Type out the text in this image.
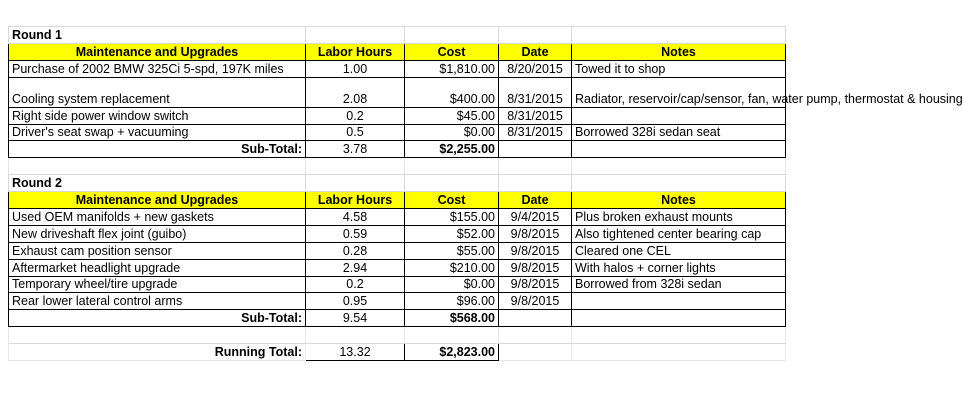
Round 1				
Maintenance and Upgrades	Labor Hours	Cost	Date	Notes
Purchase of 2002 BMW 325Ci 5-spd, 197K miles	1.00	$1,810.00	8/20/2015	Towed it to shop
Cooling system replacement	2.08	$400.00	8/31/2015	Radiator, reservoir/cap/sensor, fan, water pump, thermostat & housing
Right side power window switch	0.2	$45.00	8/31/2015	
Driver's seat swap + vacuuming	0.5	$0.00	8/31/2015	Borrowed 328i sedan seat
Sub-Total:	3.78	$2,255.00		

Round 2				
Maintenance and Upgrades	Labor Hours	Cost	Date	Notes
Used OEM manifolds + new gaskets	4.58	$155.00	9/4/2015	Plus broken exhaust mounts
New driveshaft flex joint (guibo)	0.59	$52.00	9/8/2015	Also tightened center bearing cap
Exhaust cam position sensor	0.28	$55.00	9/8/2015	Cleared one CEL
Aftermarket headlight upgrade	2.94	$210.00	9/8/2015	With halos + corner lights
Temporary wheel/tire upgrade	0.2	$0.00	9/8/2015	Borrowed from 328i sedan
Rear lower lateral control arms	0.95	$96.00	9/8/2015	
Sub-Total:	9.54	$568.00		

Running Total:	13.32	$2,823.00		
